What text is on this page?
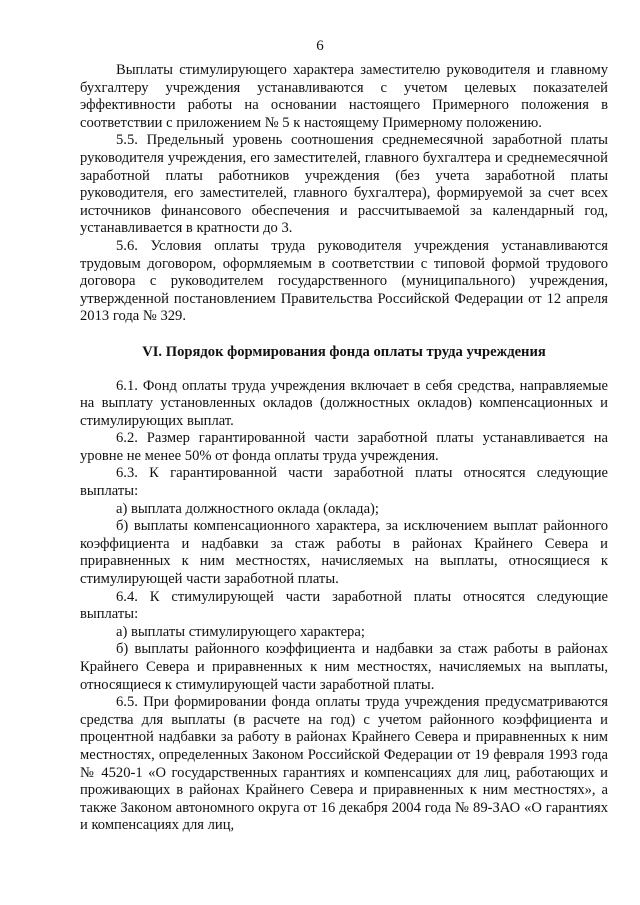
6

Выплаты стимулирующего характера заместителю руководителя и главному бухгалтеру учреждения устанавливаются с учетом целевых показателей эффективности работы на основании настоящего Примерного положения в соответствии с приложением № 5 к настоящему Примерному положению.

5.5. Предельный уровень соотношения среднемесячной заработной платы руководителя учреждения, его заместителей, главного бухгалтера и среднемесячной заработной платы работников учреждения (без учета заработной платы руководителя, его заместителей, главного бухгалтера), формируемой за счет всех источников финансового обеспечения и рассчитываемой за календарный год, устанавливается в кратности до 3.

5.6. Условия оплаты труда руководителя учреждения устанавливаются трудовым договором, оформляемым в соответствии с типовой формой трудового договора с руководителем государственного (муниципального) учреждения, утвержденной постановлением Правительства Российской Федерации от 12 апреля 2013 года № 329.

VI. Порядок формирования фонда оплаты труда учреждения

6.1. Фонд оплаты труда учреждения включает в себя средства, направляемые на выплату установленных окладов (должностных окладов) компенсационных и стимулирующих выплат.

6.2. Размер гарантированной части заработной платы устанавливается на уровне не менее 50% от фонда оплаты труда учреждения.

6.3. К гарантированной части заработной платы относятся следующие выплаты:

а) выплата должностного оклада (оклада);

б) выплаты компенсационного характера, за исключением выплат районного коэффициента и надбавки за стаж работы в районах Крайнего Севера и приравненных к ним местностях, начисляемых на выплаты, относящиеся к стимулирующей части заработной платы.

6.4. К стимулирующей части заработной платы относятся следующие выплаты:

а) выплаты стимулирующего характера;

б) выплаты районного коэффициента и надбавки за стаж работы в районах Крайнего Севера и приравненных к ним местностях, начисляемых на выплаты, относящиеся к стимулирующей части заработной платы.

6.5. При формировании фонда оплаты труда учреждения предусматриваются средства для выплаты (в расчете на год) с учетом районного коэффициента и процентной надбавки за работу в районах Крайнего Севера и приравненных к ним местностях, определенных Законом Российской Федерации от 19 февраля 1993 года № 4520-1 «О государственных гарантиях и компенсациях для лиц, работающих и проживающих в районах Крайнего Севера и приравненных к ним местностях», а также Законом автономного округа от 16 декабря 2004 года № 89-ЗАО «О гарантиях и компенсациях для лиц,
